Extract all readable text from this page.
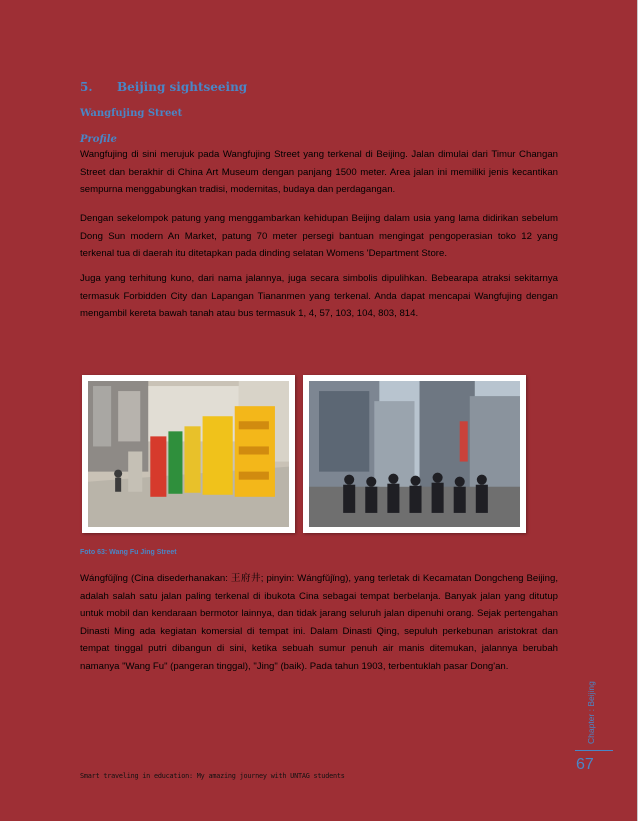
5. Beijing sightseeing
Wangfujing Street

Profile

Wangfujing di sini merujuk pada Wangfujing Street yang terkenal di Beijing. Jalan dimulai dari Timur Changan Street dan berakhir di China Art Museum dengan panjang 1500 meter. Area jalan ini memiliki jenis kecantikan sempurna menggabungkan tradisi, modernitas, budaya dan perdagangan.

Dengan sekelompok patung yang menggambarkan kehidupan Beijing dalam usia yang lama didirikan sebelum Dong Sun modern An Market, patung 70 meter persegi bantuan mengingat pengoperasian toko 12 yang terkenal tua di daerah itu ditetapkan pada dinding selatan Womens 'Department Store.

Juga yang terhitung kuno, dari nama jalannya, juga secara simbolis dipulihkan. Bebearapa atraksi sekitarnya termasuk Forbidden City dan Lapangan Tiananmen yang terkenal. Anda dapat mencapai Wangfujing dengan mengambil kereta bawah tanah atau bus termasuk 1, 4, 57, 103, 104, 803, 814.

Foto 63: Wang Fu Jing Street

Wángfǔjǐng (Cina disederhanakan: 王府井; pinyin: Wángfǔjǐng), yang terletak di Kecamatan Dongcheng Beijing, adalah salah satu jalan paling terkenal di ibukota Cina sebagai tempat berbelanja. Banyak jalan yang ditutup untuk mobil dan kendaraan bermotor lainnya, dan tidak jarang seluruh jalan dipenuhi orang. Sejak pertengahan Dinasti Ming ada kegiatan komersial di tempat ini. Dalam Dinasti Qing, sepuluh perkebunan aristokrat dan tempat tinggal putri dibangun di sini, ketika sebuah sumur penuh air manis ditemukan, jalannya berubah namanya "Wang Fu" (pangeran tinggal), "Jing" (baik). Pada tahun 1903, terbentuklah pasar Dong'an.

Chapter : Beijing

67

Smart traveling in education: My amazing journey with UNTAG students
